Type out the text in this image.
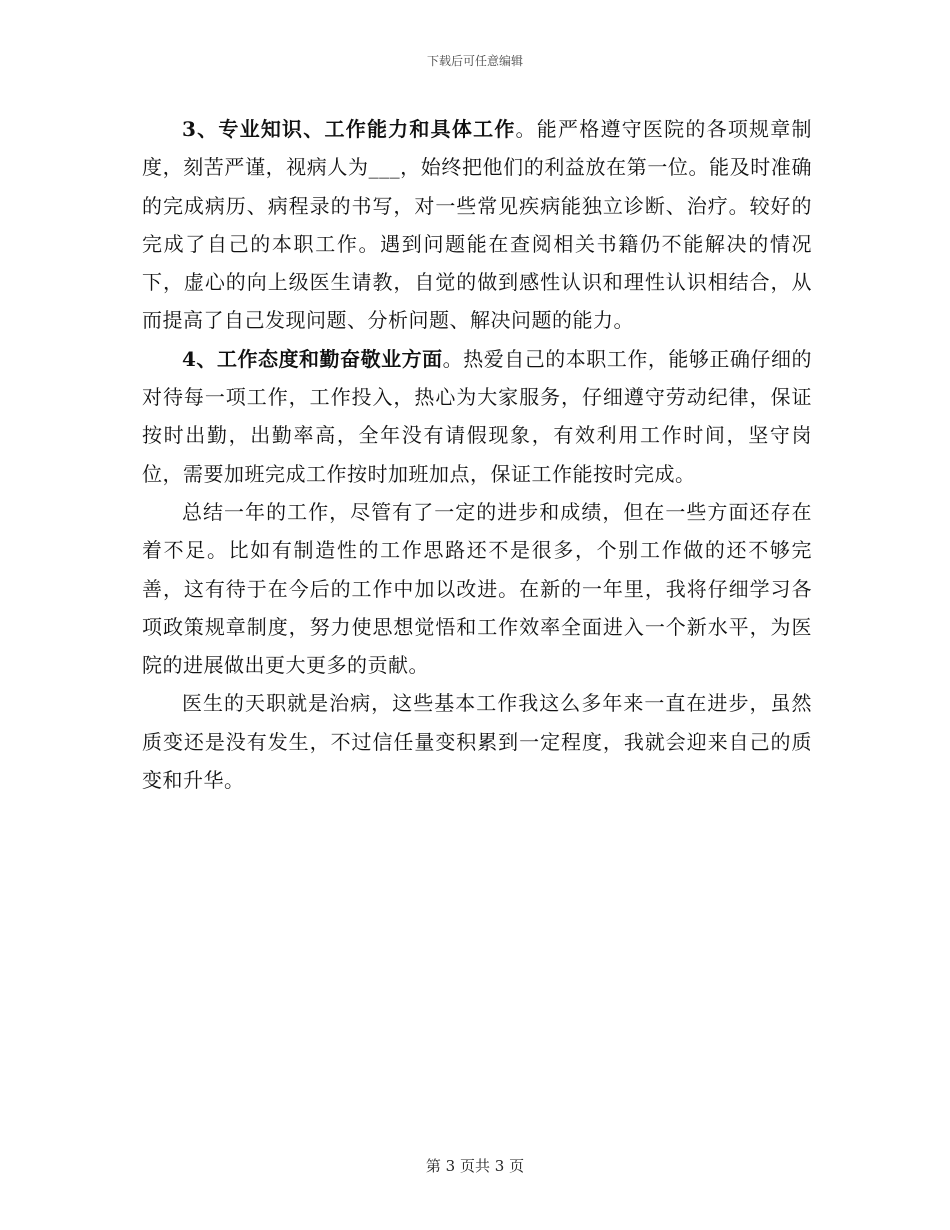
下载后可任意编辑

3、专业知识、工作能力和具体工作。能严格遵守医院的各项规章制度，刻苦严谨，视病人为___，始终把他们的利益放在第一位。能及时准确的完成病历、病程录的书写，对一些常见疾病能独立诊断、治疗。较好的完成了自己的本职工作。遇到问题能在查阅相关书籍仍不能解决的情况下，虚心的向上级医生请教，自觉的做到感性认识和理性认识相结合，从而提高了自己发现问题、分析问题、解决问题的能力。

4、工作态度和勤奋敬业方面。热爱自己的本职工作，能够正确仔细的对待每一项工作，工作投入，热心为大家服务，仔细遵守劳动纪律，保证按时出勤，出勤率高，全年没有请假现象，有效利用工作时间，坚守岗位，需要加班完成工作按时加班加点，保证工作能按时完成。

总结一年的工作，尽管有了一定的进步和成绩，但在一些方面还存在着不足。比如有制造性的工作思路还不是很多，个别工作做的还不够完善，这有待于在今后的工作中加以改进。在新的一年里，我将仔细学习各项政策规章制度，努力使思想觉悟和工作效率全面进入一个新水平，为医院的进展做出更大更多的贡献。

医生的天职就是治病，这些基本工作我这么多年来一直在进步，虽然质变还是没有发生，不过信任量变积累到一定程度，我就会迎来自己的质变和升华。

第 3 页共 3 页
